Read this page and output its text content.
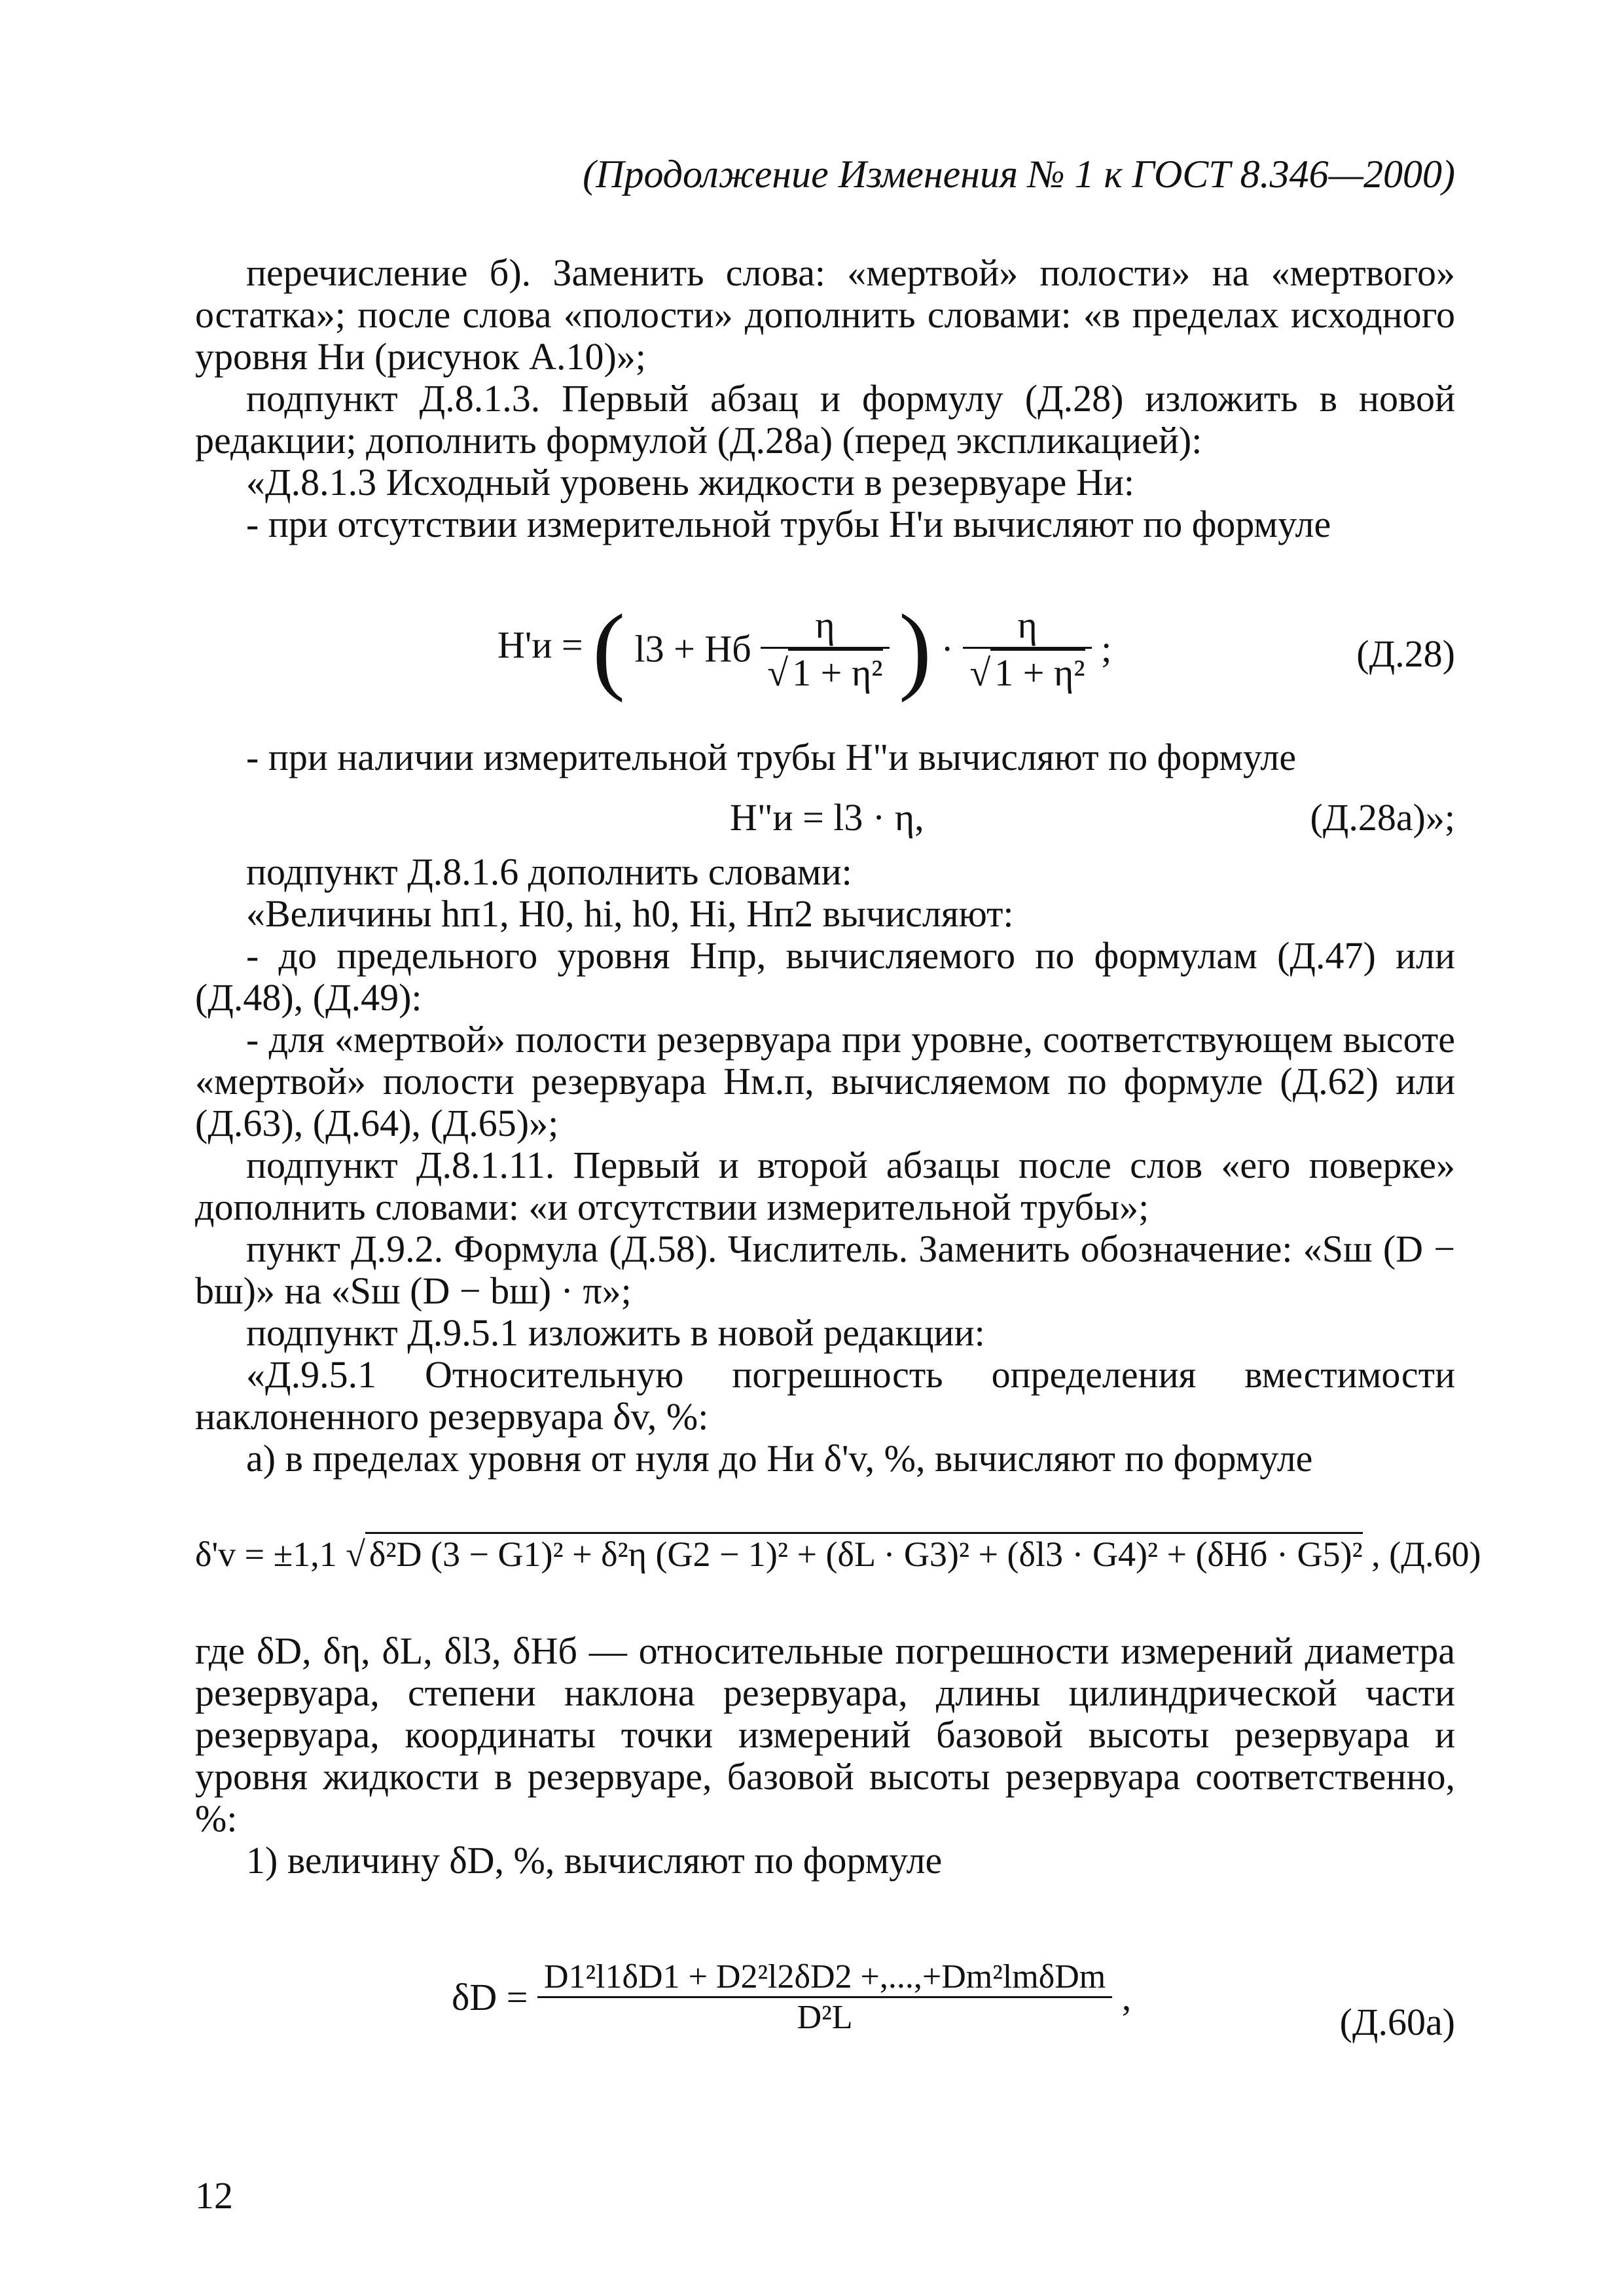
(Продолжение Изменения № 1 к ГОСТ 8.346—2000)

перечисление б). Заменить слова: «мертвой» полости» на «мертвого» остатка»; после слова «полости» дополнить словами: «в пределах исходного уровня Hи (рисунок А.10)»;

подпункт Д.8.1.3. Первый абзац и формулу (Д.28) изложить в новой редакции; дополнить формулой (Д.28а) (перед экспликацией):

«Д.8.1.3 Исходный уровень жидкости в резервуаре Hи:

- при отсутствии измерительной трубы H'и вычисляют по формуле

H'и = ( l3 + Hб $\frac{\eta}{\text{√ 1 + η²}}$ ) · $\frac{\eta}{\text{√ 1 + η²}}$ ;	(Д.28)

- при наличии измерительной трубы H"и вычисляют по формуле

H"и = l3 · η,	(Д.28а)»;

подпункт Д.8.1.6 дополнить словами:

«Величины hп1, H0, hi, h0, Hi, Hп2 вычисляют:

- до предельного уровня Hпр, вычисляемого по формулам (Д.47) или (Д.48), (Д.49):

- для «мертвой» полости резервуара при уровне, соответствующем высоте «мертвой» полости резервуара Hм.п, вычисляемом по формуле (Д.62) или (Д.63), (Д.64), (Д.65)»;

подпункт Д.8.1.11. Первый и второй абзацы после слов «его поверке» дополнить словами: «и отсутствии измерительной трубы»;

пункт Д.9.2. Формула (Д.58). Числитель. Заменить обозначение: «Sш (D − bш)» на «Sш (D − bш) · π»;

подпункт Д.9.5.1 изложить в новой редакции:

«Д.9.5.1 Относительную погрешность определения вместимости наклоненного резервуара δv, %:

а) в пределах уровня от нуля до Hи δ'v, %, вычисляют по формуле

δ'v = ±1,1 √ δ²D (3 − G1)² + δ²η (G2 − 1)² + (δL · G3)² + (δl3 · G4)² + (δHб · G5)² , (Д.60)

где δD, δη, δL, δl3, δHб — относительные погрешности измерений диаметра резервуара, степени наклона резервуара, длины цилиндрической части резервуара, координаты точки измерений базовой высоты резервуара и уровня жидкости в резервуаре, базовой высоты резервуара соответственно, %:

1) величину δD, %, вычисляют по формуле

$\delta D = \frac{\text{D1²l1δD1 + D2²l2δD2 +,...,+Dm²lmδDm}}{\text{D²L}}$ ,
(Д.60а)
12
